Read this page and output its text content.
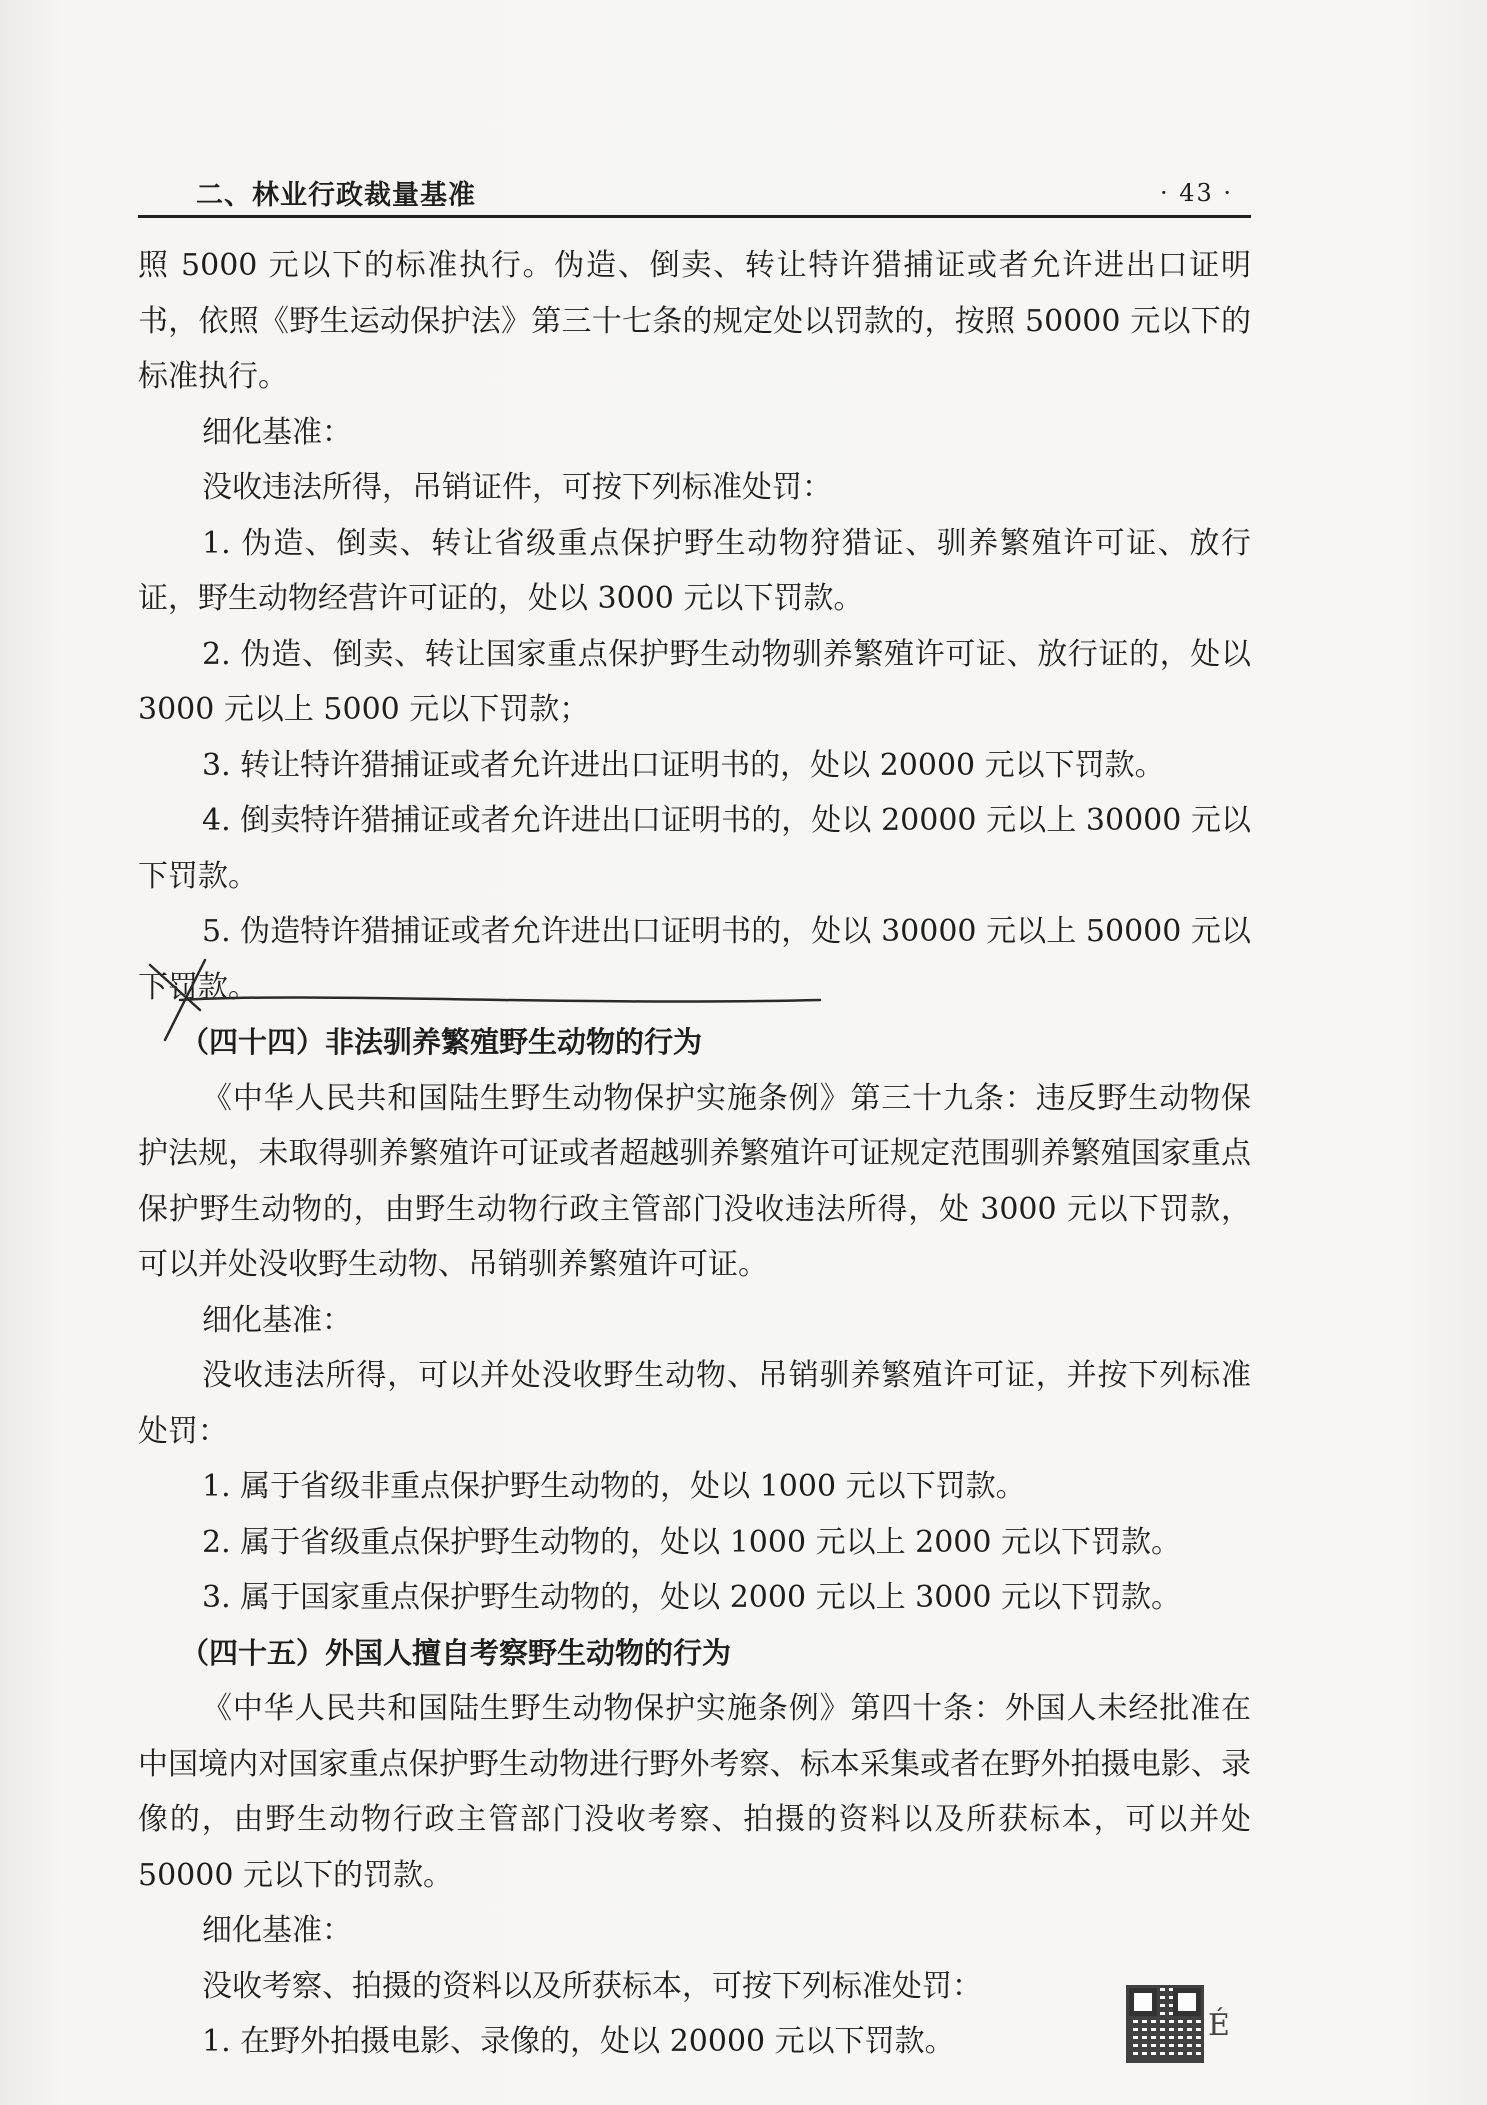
二、林业行政裁量基准	· 43 ·

照 5000 元以下的标准执行。伪造、倒卖、转让特许猎捕证或者允许进出口证明书，依照《野生运动保护法》第三十七条的规定处以罚款的，按照 50000 元以下的标准执行。

细化基准：

没收违法所得，吊销证件，可按下列标准处罚：

1. 伪造、倒卖、转让省级重点保护野生动物狩猎证、驯养繁殖许可证、放行证，野生动物经营许可证的，处以 3000 元以下罚款。

2. 伪造、倒卖、转让国家重点保护野生动物驯养繁殖许可证、放行证的，处以 3000 元以上 5000 元以下罚款；

3. 转让特许猎捕证或者允许进出口证明书的，处以 20000 元以下罚款。

4. 倒卖特许猎捕证或者允许进出口证明书的，处以 20000 元以上 30000 元以下罚款。

5. 伪造特许猎捕证或者允许进出口证明书的，处以 30000 元以上 50000 元以下罚款。

（四十四）非法驯养繁殖野生动物的行为

《中华人民共和国陆生野生动物保护实施条例》第三十九条：违反野生动物保护法规，未取得驯养繁殖许可证或者超越驯养繁殖许可证规定范围驯养繁殖国家重点保护野生动物的，由野生动物行政主管部门没收违法所得，处 3000 元以下罚款，可以并处没收野生动物、吊销驯养繁殖许可证。

细化基准：

没收违法所得，可以并处没收野生动物、吊销驯养繁殖许可证，并按下列标准处罚：

1. 属于省级非重点保护野生动物的，处以 1000 元以下罚款。

2. 属于省级重点保护野生动物的，处以 1000 元以上 2000 元以下罚款。

3. 属于国家重点保护野生动物的，处以 2000 元以上 3000 元以下罚款。

（四十五）外国人擅自考察野生动物的行为

《中华人民共和国陆生野生动物保护实施条例》第四十条：外国人未经批准在中国境内对国家重点保护野生动物进行野外考察、标本采集或者在野外拍摄电影、录像的，由野生动物行政主管部门没收考察、拍摄的资料以及所获标本，可以并处 50000 元以下的罚款。

细化基准：

没收考察、拍摄的资料以及所获标本，可按下列标准处罚：

1. 在野外拍摄电影、录像的，处以 20000 元以下罚款。	É
